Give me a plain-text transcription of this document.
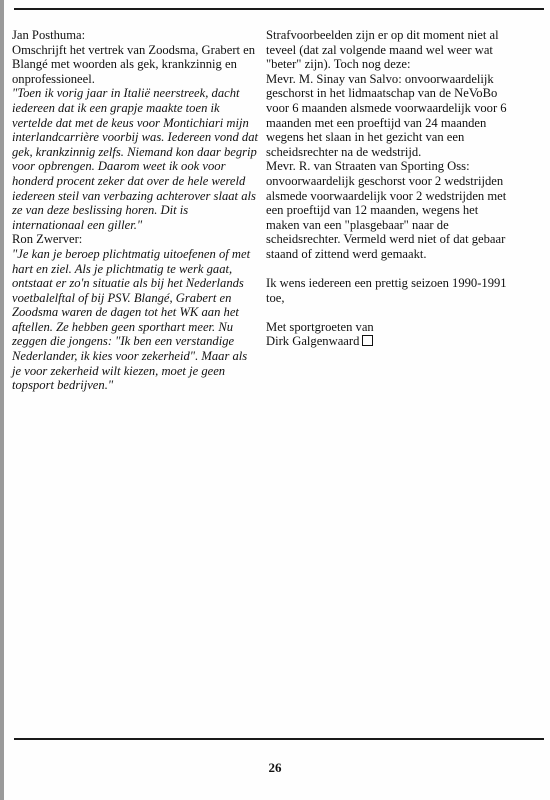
Jan Posthuma:

Omschrijft het vertrek van Zoodsma, Grabert en Blangé met woorden als gek, krankzinnig en onprofessioneel.

"Toen ik vorig jaar in Italië neerstreek, dacht iedereen dat ik een grapje maakte toen ik vertelde dat met de keus voor Montichiari mijn interlandcarrière voorbij was. Iedereen vond dat gek, krankzinnig zelfs. Niemand kon daar begrip voor opbrengen. Daarom weet ik ook voor honderd procent zeker dat over de hele wereld iedereen steil van verbazing achterover slaat als ze van deze beslissing horen. Dit is internationaal een giller."

Ron Zwerver:

"Je kan je beroep plichtmatig uitoefenen of met hart en ziel. Als je plichtmatig te werk gaat, ontstaat er zo'n situatie als bij het Nederlands voetbalelftal of bij PSV. Blangé, Grabert en Zoodsma waren de dagen tot het WK aan het aftellen. Ze hebben geen sporthart meer. Nu zeggen die jongens: "Ik ben een verstandige Nederlander, ik kies voor zekerheid". Maar als je voor zekerheid wilt kiezen, moet je geen topsport bedrijven."

Strafvoorbeelden zijn er op dit moment niet al teveel (dat zal volgende maand wel weer wat "beter" zijn). Toch nog deze:

Mevr. M. Sinay van Salvo: onvoorwaardelijk geschorst in het lidmaatschap van de NeVoBo voor 6 maanden alsmede voorwaardelijk voor 6 maanden met een proeftijd van 24 maanden wegens het slaan in het gezicht van een scheidsrechter na de wedstrijd.

Mevr. R. van Straaten van Sporting Oss: onvoorwaardelijk geschorst voor 2 wedstrijden alsmede voorwaardelijk voor 2 wedstrijden met een proeftijd van 12 maanden, wegens het maken van een "plasgebaar" naar de scheidsrechter. Vermeld werd niet of dat gebaar staand of zittend werd gemaakt.

Ik wens iedereen een prettig seizoen 1990-1991 toe,

Met sportgroeten van

Dirk Galgenwaard

26
